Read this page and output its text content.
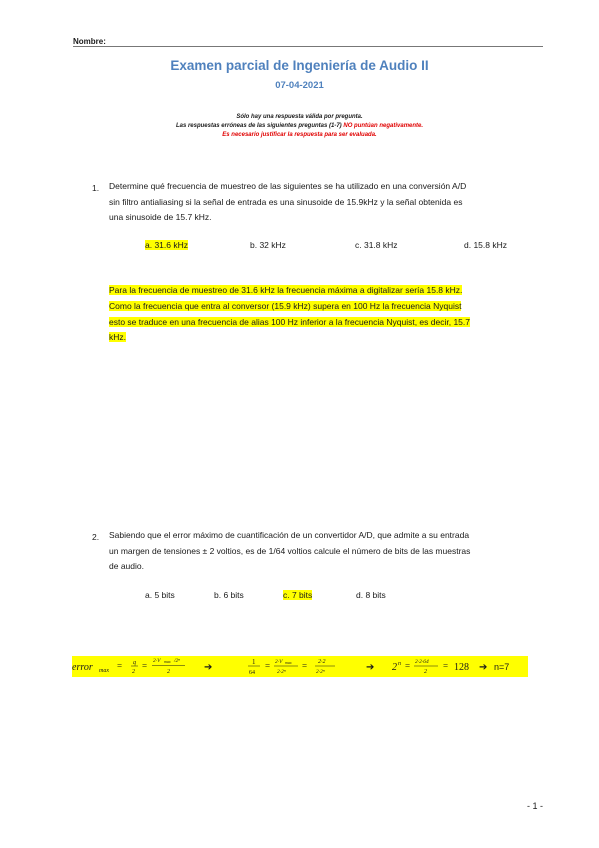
Nombre:
Examen parcial de Ingeniería de Audio II
07-04-2021
Sólo hay una respuesta válida por pregunta.
Las respuestas erróneas de las siguientes preguntas (1-7) NO puntúan negativamente.
Es necesario justificar la respuesta para ser evaluada.
1. Determine qué frecuencia de muestreo de las siguientes se ha utilizado en una conversión A/D
sin filtro antialiasing si la señal de entrada es una sinusoide de 15.9kHz y la señal obtenida es
una sinusoide de 15.7 kHz.
a. 31.6 kHz	b. 32 kHz	c. 31.8 kHz	d. 15.8 kHz
Para la frecuencia de muestreo de 31.6 kHz la frecuencia máxima a digitalizar sería 15.8 kHz.
Como la frecuencia que entra al conversor (15.9 kHz) supera en 100 Hz la frecuencia Nyquist
esto se traduce en una frecuencia de alias 100 Hz inferior a la frecuencia Nyquist, es decir, 15.7
kHz.
2. Sabiendo que el error máximo de cuantificación de un convertidor A/D, que admite a su entrada
un margen de tensiones ± 2 voltios, es de 1/64 voltios calcule el número de bits de las muestras
de audio.
a. 5 bits	b. 6 bits	c. 7 bits	d. 8 bits
error max = q
2
= 2·V max /2ⁿ
2	➔	1
64
= 2·V max
2·2ⁿ
= 2·2
2·2ⁿ	➔ 2 n = 2·2·64
2
= 128 ➔ n=7
- 1 -
